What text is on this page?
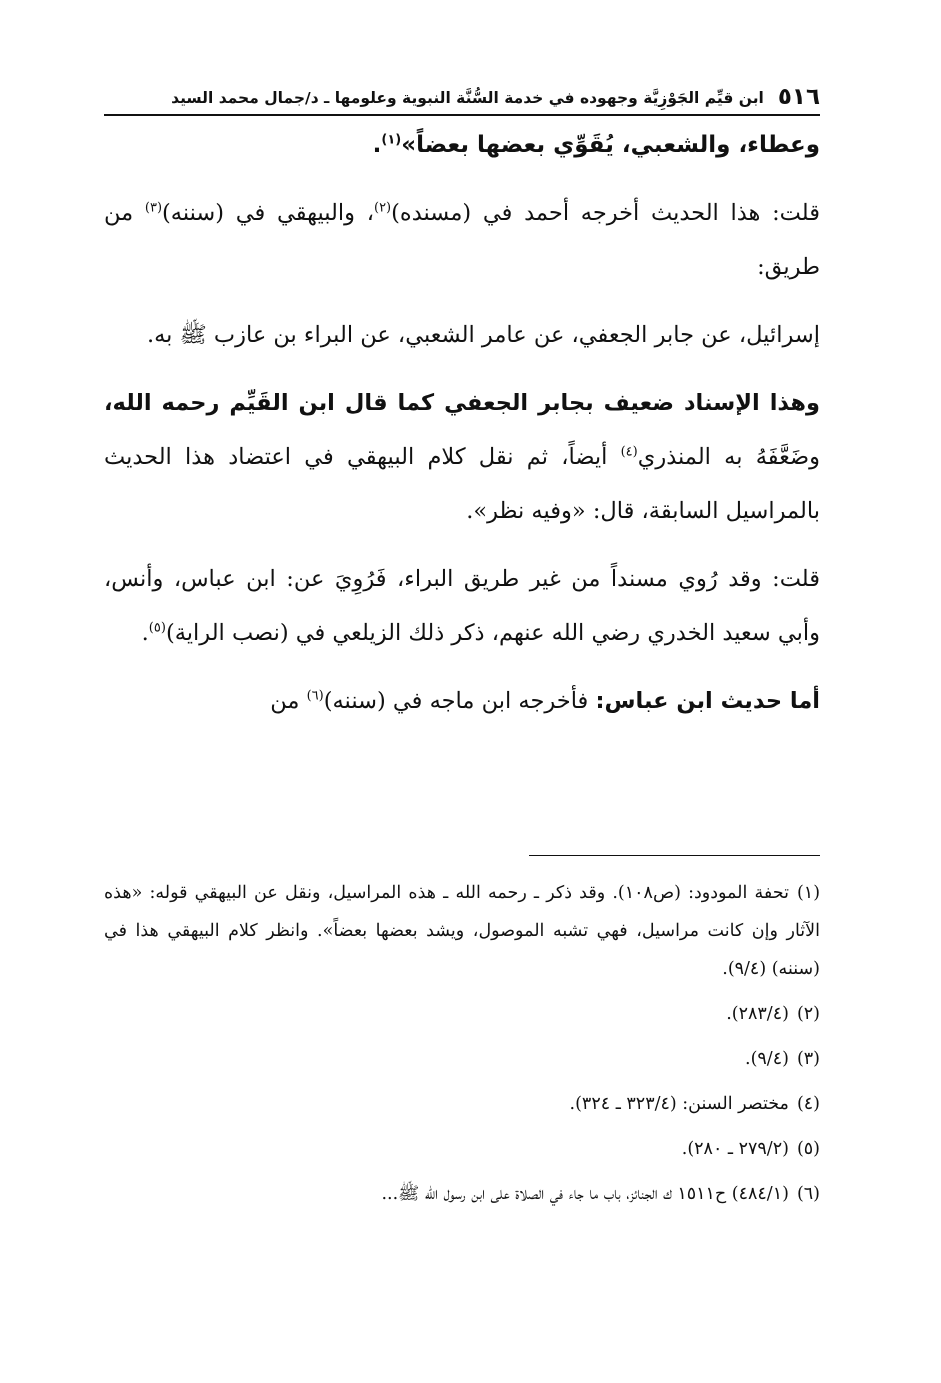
٥١٦
ابن قيِّم الجَوْزِيَّة وجهوده في خدمة السُّنَّة النبوية وعلومها ـ د/جمال محمد السيد

وعطاء، والشعبي، يُقَوِّي بعضها بعضاً»$^{(١)}$.

قلت: هذا الحديث أخرجه أحمد في (مسنده)$^{(٢)}$، والبيهقي في (سننه)$^{(٣)}$ من طريق:

إسرائيل، عن جابر الجعفي، عن عامر الشعبي، عن البراء بن عازب ﷺ به.

وهذا الإسناد ضعيف بجابر الجعفي كما قال ابن القَيِّم رحمه الله، وضَعَّفَهُ به المنذري$^{(٤)}$ أيضاً، ثم نقل كلام البيهقي في اعتضاد هذا الحديث بالمراسيل السابقة، قال: «وفيه نظر».

قلت: وقد رُوي مسنداً من غير طريق البراء، فَرُوِيَ عن: ابن عباس، وأنس، وأبي سعيد الخدري رضي الله عنهم، ذكر ذلك الزيلعي في (نصب الراية)$^{(٥)}$.

أما حديث ابن عباس: فأخرجه ابن ماجه في (سننه)$^{(٦)}$ من

(١)تحفة المودود: (ص١٠٨). وقد ذكر ـ رحمه الله ـ هذه المراسيل، ونقل عن البيهقي قوله: «هذه الآثار وإن كانت مراسيل، فهي تشبه الموصول، ويشد بعضها بعضاً». وانظر كلام البيهقي هذا في (سننه) (٩/٤).

(٢)(٢٨٣/٤).

(٣)(٩/٤).

(٤)مختصر السنن: (٣٢٣/٤ ـ ٣٢٤).

(٥)(٢٧٩/٢ ـ ٢٨٠).

(٦)(٤٨٤/١) ح١٥١١ ك الجنائز، باب ما جاء في الصلاة على ابن رسول الله ﷺ...
